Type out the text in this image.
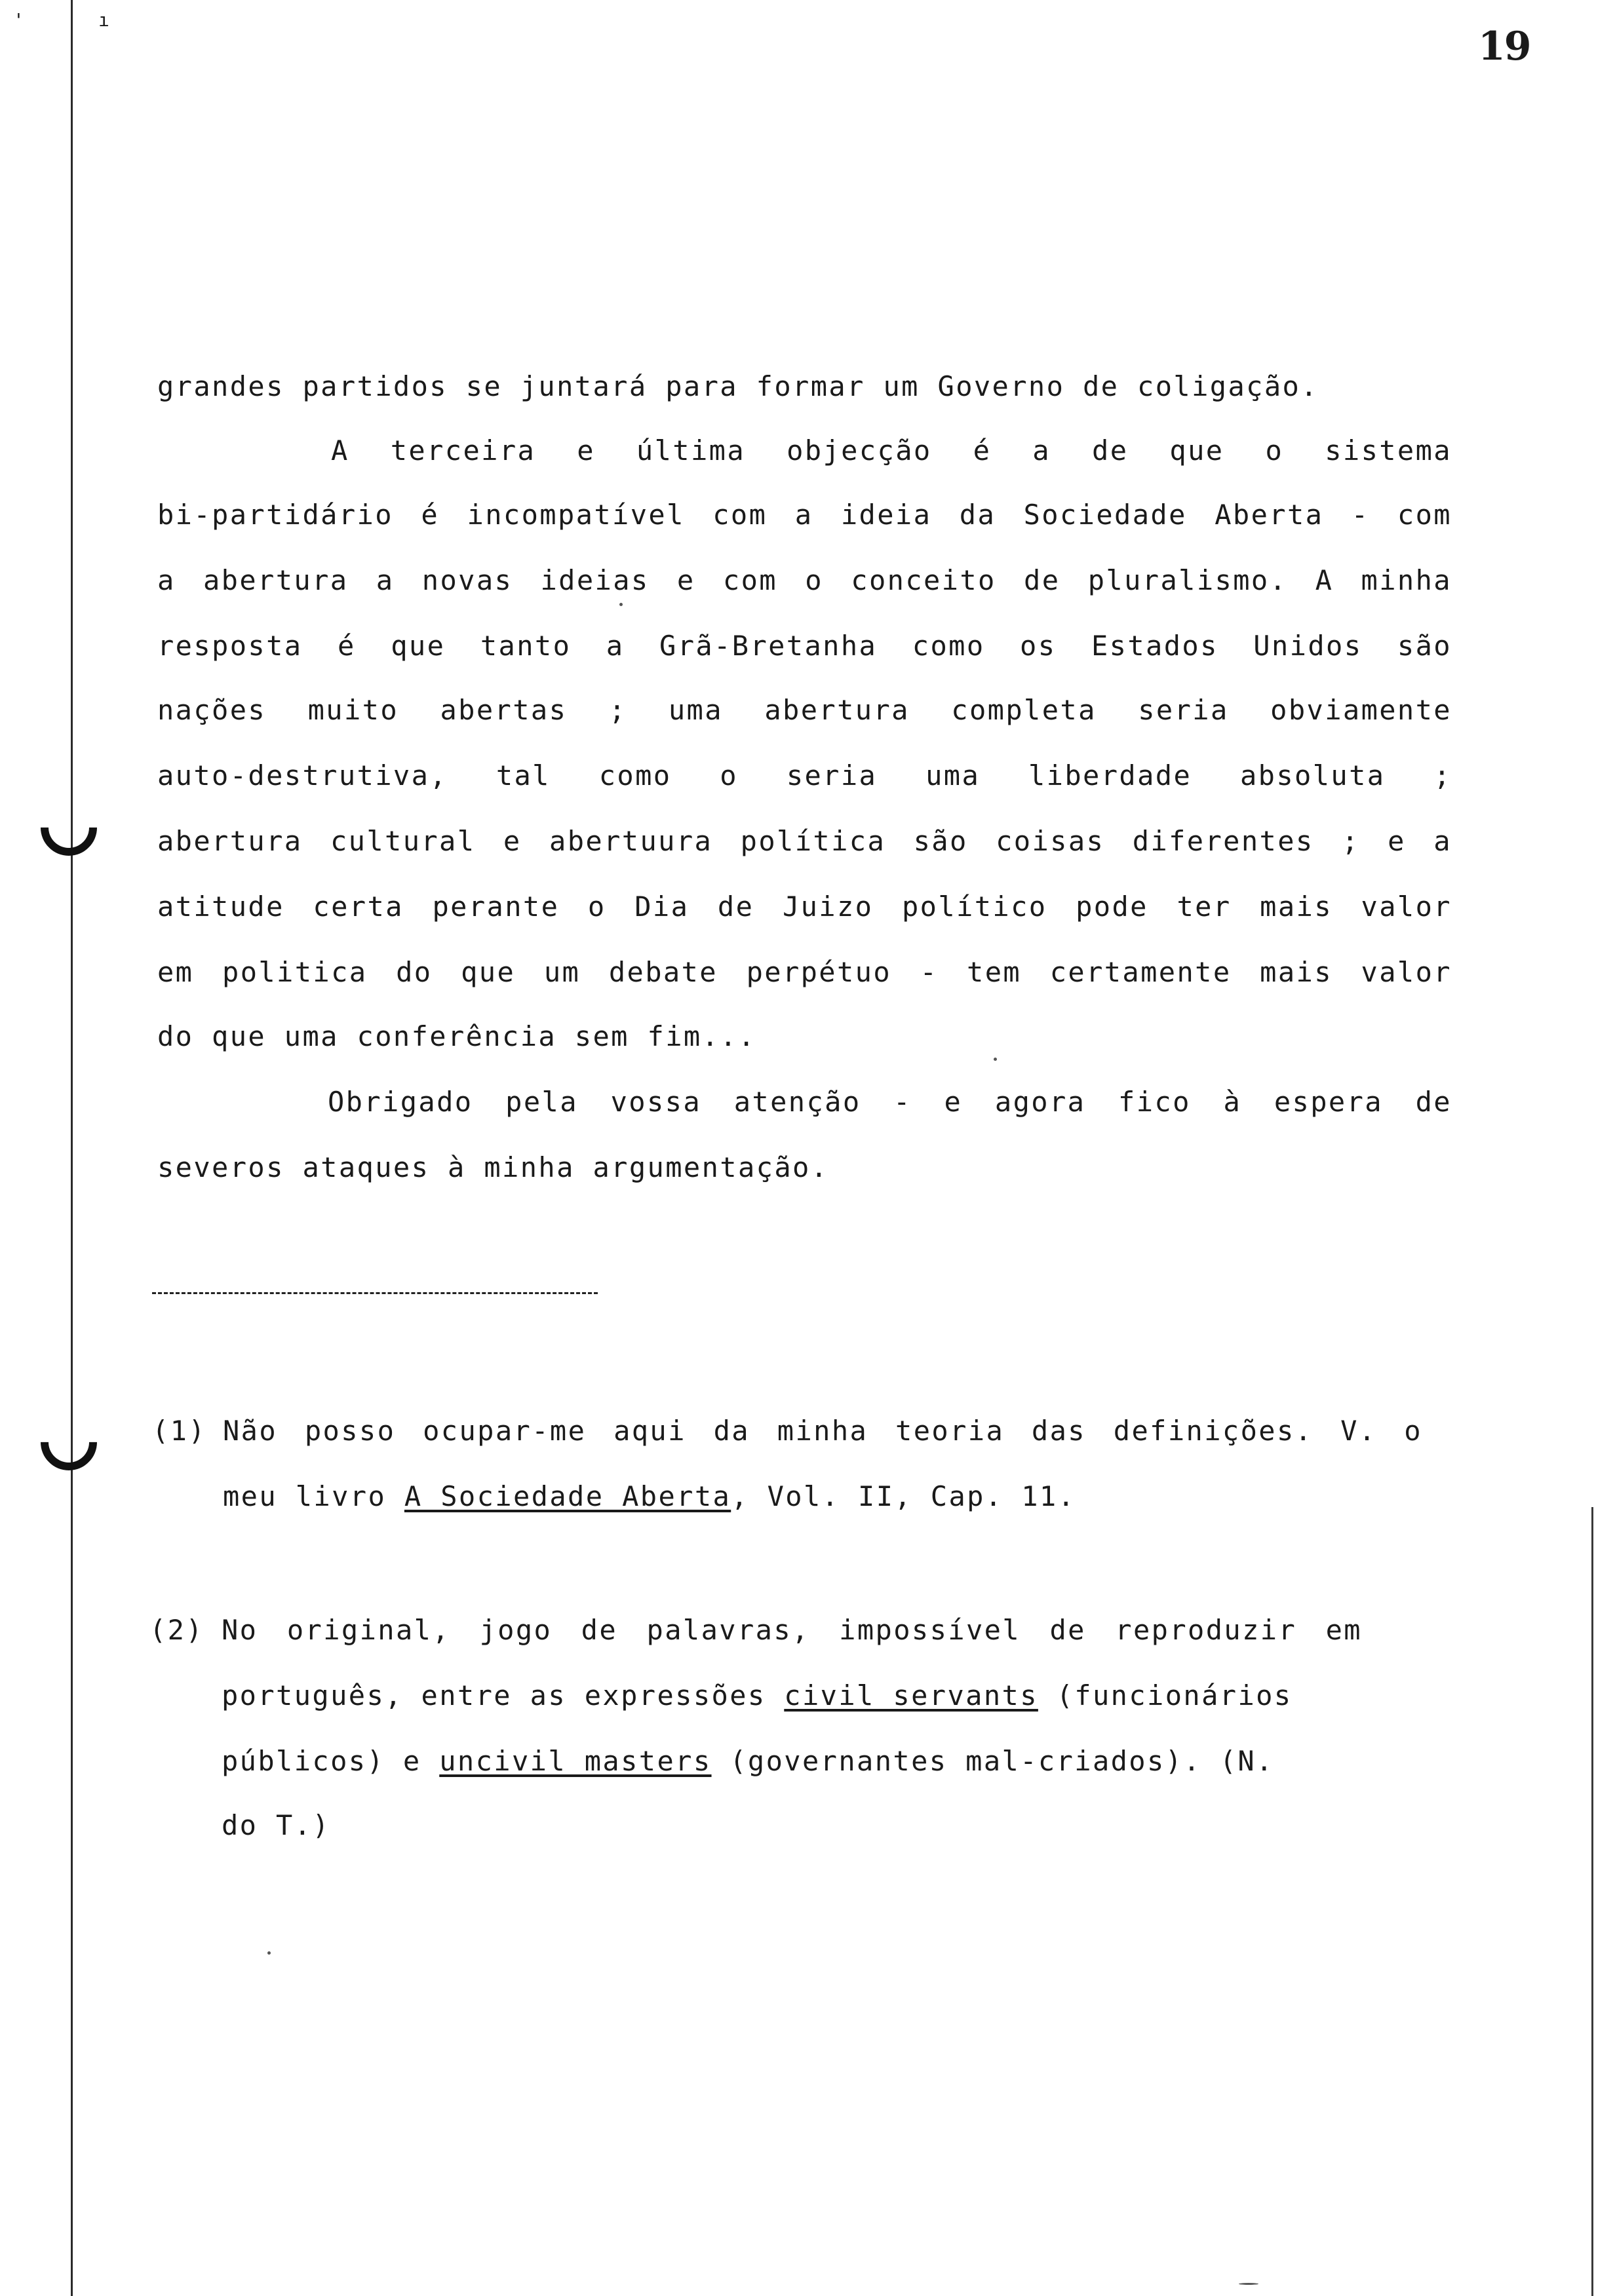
'	ı
19
grandes partidos se juntará para formar um Governo de coligação.
A terceira e última objecção é a de que o sistema
bi-partidário é incompatível com a ideia da Sociedade Aberta - com
a abertura a novas ideias e com o conceito de pluralismo. A minha
resposta é que tanto a Grã-Bretanha como os Estados Unidos são
nações muito abertas ; uma abertura completa seria obviamente
auto-destrutiva, tal como o seria uma liberdade absoluta ;
abertura cultural e abertuura política são coisas diferentes ; e a
atitude certa perante o Dia de Juizo político pode ter mais valor
em politica do que um debate perpétuo - tem certamente mais valor
do que uma conferência sem fim...
Obrigado pela vossa atenção - e agora fico à espera de
severos ataques à minha argumentação.
(1) Não posso ocupar-me aqui da minha teoria das definições. V. o
meu livro A Sociedade Aberta, Vol. II, Cap. 11.
(2) No original, jogo de palavras, impossível de reproduzir em
português, entre as expressões civil servants (funcionários
públicos) e uncivil masters (governantes mal-criados). (N.
do T.)
